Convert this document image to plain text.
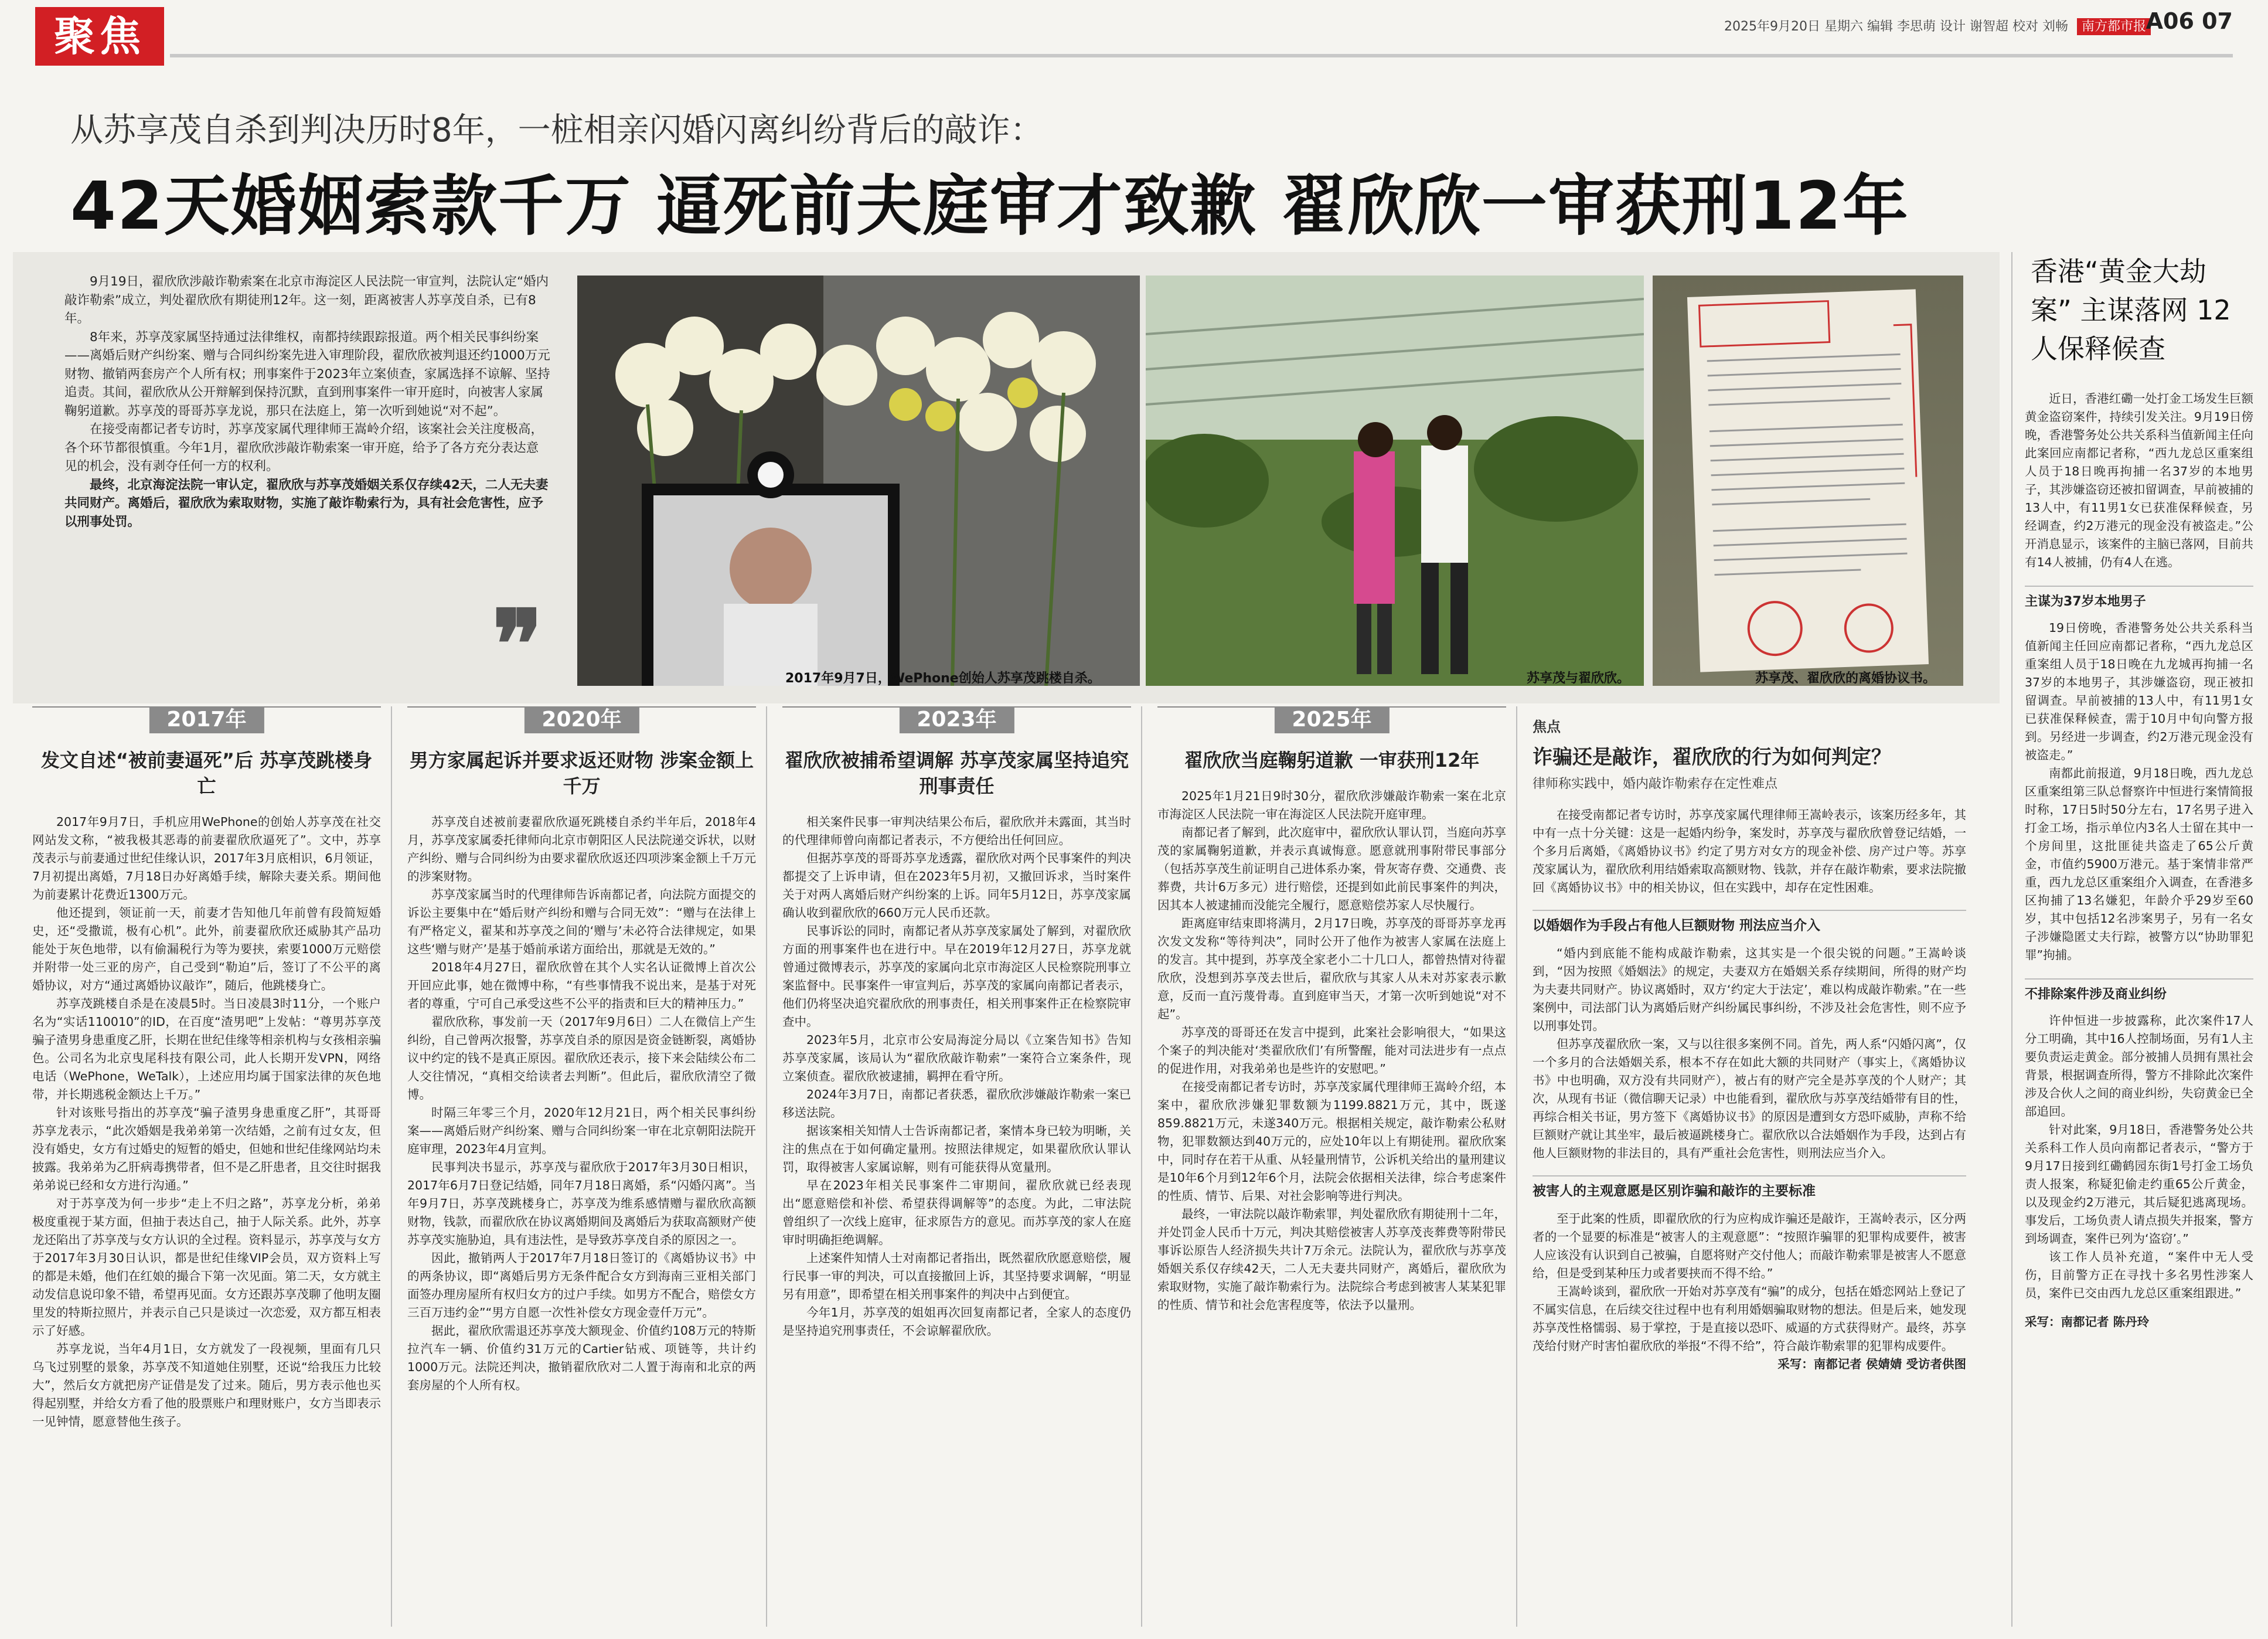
聚焦	2025年9月20日 星期六 编辑 李思萌 设计 谢智超 校对 刘畅 南方都市报 A06 07
从苏享茂自杀到判决历时8年，一桩相亲闪婚闪离纠纷背后的敲诈：
42天婚姻索款千万 逼死前夫庭审才致歉 翟欣欣一审获刑12年

9月19日，翟欣欣涉敲诈勒索案在北京市海淀区人民法院一审宣判，法院认定“婚内敲诈勒索”成立，判处翟欣欣有期徒刑12年。这一刻，距离被害人苏享茂自杀，已有8年。

8年来，苏享茂家属坚持通过法律维权，南都持续跟踪报道。两个相关民事纠纷案——离婚后财产纠纷案、赠与合同纠纷案先进入审理阶段，翟欣欣被判退还约1000万元财物、撤销两套房产个人所有权；刑事案件于2023年立案侦查，家属选择不谅解、坚持追责。其间，翟欣欣从公开辩解到保持沉默，直到刑事案件一审开庭时，向被害人家属鞠躬道歉。苏享茂的哥哥苏享龙说，那只在法庭上，第一次听到她说“对不起”。

在接受南都记者专访时，苏享茂家属代理律师王嵩岭介绍，该案社会关注度极高，各个环节都很慎重。今年1月，翟欣欣涉敲诈勒索案一审开庭，给予了各方充分表达意见的机会，没有剥夺任何一方的权利。

最终，北京海淀法院一审认定，翟欣欣与苏享茂婚姻关系仅存续42天，二人无夫妻共同财产。离婚后，翟欣欣为索取财物，实施了敲诈勒索行为，具有社会危害性，应予以刑事处罚。

❞	2017年9月7日，WePhone创始人苏享茂跳楼自杀。	苏享茂与翟欣欣。	苏享茂、翟欣欣的离婚协议书。
2017年
发文自述“被前妻逼死”后 苏享茂跳楼身亡

2017年9月7日，手机应用WePhone的创始人苏享茂在社交网站发文称，“被我极其恶毒的前妻翟欣欣逼死了”。文中，苏享茂表示与前妻通过世纪佳缘认识，2017年3月底相识，6月领证，7月初提出离婚，7月18日办好离婚手续，解除夫妻关系。期间他为前妻累计花费近1300万元。

他还提到，领证前一天，前妻才告知他几年前曾有段简短婚史，还“受撒谎，极有心机”。此外，前妻翟欣欣还威胁其产品功能处于灰色地带，以有偷漏税行为等为要挟，索要1000万元赔偿并附带一处三亚的房产，自己受到“勒迫”后，签订了不公平的离婚协议，对方“通过离婚协议敲诈”，随后，他跳楼身亡。

苏享茂跳楼自杀是在凌晨5时。当日凌晨3时11分，一个账户名为“实话110010”的ID，在百度“渣男吧”上发帖：“尊男苏享茂骗子渣男身患重度乙肝，长期在世纪佳缘等相亲机构与女孩相亲骗色。公司名为北京曳尾科技有限公司，此人长期开发VPN，网络电话（WePhone，WeTalk），上述应用均属于国家法律的灰色地带，并长期逃税金额达上千万。”

针对该账号指出的苏享茂“骗子渣男身患重度乙肝”，其哥哥苏享龙表示，“此次婚姻是我弟弟第一次结婚，之前有过女友，但没有婚史，女方有过婚史的短暂的婚史，但她和世纪佳缘网站均未披露。我弟弟为乙肝病毒携带者，但不是乙肝患者，且交往时据我弟弟说已经和女方进行沟通。”

对于苏享茂为何一步步“走上不归之路”，苏享龙分析，弟弟极度重视于某方面，但抽于表达自己，抽于人际关系。此外，苏享龙还陷出了苏享茂与女方认识的全过程。资料显示，苏享茂与女方于2017年3月30日认识，都是世纪佳缘VIP会员，双方资料上写的都是未婚，他们在红娘的撮合下第一次见面。第二天，女方就主动发信息说印象不错，希望再见面。女方还跟苏享茂聊了他明友圈里发的特斯拉照片，并表示自己只是谈过一次恋爱，双方都互相表示了好感。

苏享龙说，当年4月1日，女方就发了一段视频，里面有几只乌飞过别墅的景象，苏享茂不知道她住别墅，还说“给我压力比较大”，然后女方就把房产证借是发了过来。随后，男方表示他也买得起别墅，并给女方看了他的股票账户和理财账户，女方当即表示一见钟情，愿意替他生孩子。

2020年
男方家属起诉并要求返还财物 涉案金额上千万

苏享茂自述被前妻翟欣欣逼死跳楼自杀约半年后，2018年4月，苏享茂家属委托律师向北京市朝阳区人民法院递交诉状，以财产纠纷、赠与合同纠纷为由要求翟欣欣返还四项涉案金额上千万元的涉案财物。

苏享茂家属当时的代理律师告诉南都记者，向法院方面提交的诉讼主要集中在“婚后财产纠纷和赠与合同无效”：“赠与在法律上有严格定义，翟某和苏享茂之间的‘赠与’未必符合法律规定，如果这些‘赠与财产’是基于婚前承诺方面给出，那就是无效的。”

2018年4月27日，翟欣欣曾在其个人实名认证微博上首次公开回应此事，她在微博中称，“有些事情我不说出来，是基于对死者的尊重，宁可自己承受这些不公平的指责和巨大的精神压力。”

翟欣欣称，事发前一天（2017年9月6日）二人在微信上产生纠纷，自己曾两次报警，苏享茂自杀的原因是资金链断裂，离婚协议中约定的钱不是真正原因。翟欣欣还表示，接下来会陆续公布二人交往情况，“真相交给读者去判断”。但此后，翟欣欣清空了微博。

时隔三年零三个月，2020年12月21日，两个相关民事纠纷案——离婚后财产纠纷案、赠与合同纠纷案一审在北京朝阳法院开庭审理，2023年4月宣判。

民事判决书显示，苏享茂与翟欣欣于2017年3月30日相识，2017年6月7日登记结婚，同年7月18日离婚，系“闪婚闪离”。当年9月7日，苏享茂跳楼身亡，苏享茂为维系感情赠与翟欣欣高额财物，钱款，而翟欣欣在协议离婚期间及离婚后为获取高额财产使苏享茂实施胁迫，具有违法性，是导致苏享茂自杀的原因之一。

因此，撤销两人于2017年7月18日签订的《离婚协议书》中的两条协议，即“离婚后男方无条件配合女方到海南三亚相关部门面签办理房屋所有权归女方的过户手续。如男方不配合，赔偿女方三百万违约金”“男方自愿一次性补偿女方现金壹仟万元”。

据此，翟欣欣需退还苏享茂大额现金、价值约108万元的特斯拉汽车一辆、价值约31万元的Cartier钻戒、项链等，共计约1000万元。法院还判决，撤销翟欣欣对二人置于海南和北京的两套房屋的个人所有权。

2023年
翟欣欣被捕希望调解 苏享茂家属坚持追究刑事责任

相关案件民事一审判决结果公布后，翟欣欣并未露面，其当时的代理律师曾向南都记者表示，不方便给出任何回应。

但据苏享茂的哥哥苏享龙透露，翟欣欣对两个民事案件的判决都提交了上诉申请，但在2023年5月初，又撤回诉求，当时案件关于对两人离婚后财产纠纷案的上诉。同年5月12日，苏享茂家属确认收到翟欣欣的660万元人民币还款。

民事诉讼的同时，南都记者从苏享茂家属处了解到，对翟欣欣方面的刑事案件也在进行中。早在2019年12月27日，苏享龙就曾通过微博表示，苏享茂的家属向北京市海淀区人民检察院刑事立案监督中。民事案件一审宣判后，苏享茂的家属向南都记者表示，他们仍将坚决追究翟欣欣的刑事责任，相关刑事案件正在检察院审查中。

2023年5月，北京市公安局海淀分局以《立案告知书》告知苏享茂家属，该局认为“翟欣欣敲诈勒索”一案符合立案条件，现立案侦查。翟欣欣被逮捕，羁押在看守所。

2024年3月7日，南都记者获悉，翟欣欣涉嫌敲诈勒索一案已移送法院。

据该案相关知情人士告诉南都记者，案情本身已较为明晰，关注的焦点在于如何确定量刑。按照法律规定，如果翟欣欣认罪认罚，取得被害人家属谅解，则有可能获得从宽量刑。

早在2023年相关民事案件二审期间，翟欣欣就已经表现出“愿意赔偿和补偿、希望获得调解等”的态度。为此，二审法院曾组织了一次线上庭审，征求原告方的意见。而苏享茂的家人在庭审时明确拒绝调解。

上述案件知情人士对南都记者指出，既然翟欣欣愿意赔偿，履行民事一审的判决，可以直接撤回上诉，其坚持要求调解，“明显另有用意”，即希望在相关刑事案件的判决中占到便宜。

今年1月，苏享茂的姐姐再次回复南都记者，全家人的态度仍是坚持追究刑事责任，不会谅解翟欣欣。

2025年
翟欣欣当庭鞠躬道歉 一审获刑12年

2025年1月21日9时30分，翟欣欣涉嫌敲诈勒索一案在北京市海淀区人民法院一审在海淀区人民法院开庭审理。

南都记者了解到，此次庭审中，翟欣欣认罪认罚，当庭向苏享茂的家属鞠躬道歉，并表示真诚悔意。愿意就刑事附带民事部分（包括苏享茂生前证明自己进体系办案，骨灰寄存费、交通费、丧葬费，共计6万多元）进行赔偿，还提到如此前民事案件的判决，因其本人被逮捕而没能完全履行，愿意赔偿苏家人尽快履行。

距离庭审结束即将满月，2月17日晚，苏享茂的哥哥苏享龙再次发文发称“等待判决”，同时公开了他作为被害人家属在法庭上的发言。其中提到，苏享茂全家老小二十几口人，都曾热情对待翟欣欣，没想到苏享茂去世后，翟欣欣与其家人从未对苏家表示歉意，反而一直污蔑骨毒。直到庭审当天，才第一次听到她说“对不起”。

苏享茂的哥哥还在发言中提到，此案社会影响很大，“如果这个案子的判决能对‘类翟欣欣们’有所警醒，能对司法进步有一点点的促进作用，对我弟弟也是些许的安慰吧。”

在接受南都记者专访时，苏享茂家属代理律师王嵩岭介绍，本案中，翟欣欣涉嫌犯罪数额为1199.8821万元，其中，既遂859.8821万元，未遂340万元。根据相关规定，敲诈勒索公私财物，犯罪数额达到40万元的，应处10年以上有期徒刑。翟欣欣案中，同时存在若干从重、从轻量刑情节，公诉机关给出的量刑建议是10年6个月到12年6个月，法院会依据相关法律，综合考虑案件的性质、情节、后果、对社会影响等进行判决。

最终，一审法院以敲诈勒索罪，判处翟欣欣有期徒刑十二年，并处罚金人民币十万元，判决其赔偿被害人苏享茂丧葬费等附带民事诉讼原告人经济损失共计7万余元。法院认为，翟欣欣与苏享茂婚姻关系仅存续42天，二人无夫妻共同财产，离婚后，翟欣欣为索取财物，实施了敲诈勒索行为。法院综合考虑到被害人某某犯罪的性质、情节和社会危害程度等，依法予以量刑。

焦点
诈骗还是敲诈，翟欣欣的行为如何判定？
律师称实践中，婚内敲诈勒索存在定性难点

在接受南都记者专访时，苏享茂家属代理律师王嵩岭表示，该案历经多年，其中有一点十分关键：这是一起婚内纷争，案发时，苏享茂与翟欣欣曾登记结婚，一个多月后离婚，《离婚协议书》约定了男方对女方的现金补偿、房产过户等。苏享茂家属认为，翟欣欣利用结婚索取高额财物、钱款，并存在敲诈勒索，要求法院撤回《离婚协议书》中的相关协议，但在实践中，却存在定性困难。

以婚姻作为手段占有他人巨额财物 刑法应当介入

“婚内到底能不能构成敲诈勒索，这其实是一个很尖锐的问题。”王嵩岭谈到，“因为按照《婚姻法》的规定，夫妻双方在婚姻关系存续期间，所得的财产均为夫妻共同财产。协议离婚时，双方‘约定大于法定’，难以构成敲诈勒索。”在一些案例中，司法部门认为离婚后财产纠纷属民事纠纷，不涉及社会危害性，则不应予以刑事处罚。

但苏享茂翟欣欣一案，又与以往很多案例不同。首先，两人系“闪婚闪离”，仅一个多月的合法婚姻关系，根本不存在如此大额的共同财产（事实上，《离婚协议书》中也明确，双方没有共同财产），被占有的财产完全是苏享茂的个人财产；其次，从现有书证（微信聊天记录）中也能看到，翟欣欣与苏享茂结婚带有目的性，再综合相关书证，男方签下《离婚协议书》的原因是遭到女方恐吓威胁，声称不给巨额财产就让其坐牢，最后被逼跳楼身亡。翟欣欣以合法婚姻作为手段，达到占有他人巨额财物的非法目的，具有严重社会危害性，则刑法应当介入。

被害人的主观意愿是区别诈骗和敲诈的主要标准

至于此案的性质，即翟欣欣的行为应构成诈骗还是敲诈，王嵩岭表示，区分两者的一个显要的标准是“被害人的主观意愿”：“按照诈骗罪的犯罪构成要件，被害人应该没有认识到自己被骗，自愿将财产交付他人；而敲诈勒索罪是被害人不愿意给，但是受到某种压力或者要挟而不得不给。”

王嵩岭谈到，翟欣欣一开始对苏享茂有“骗”的成分，包括在婚恋网站上登记了不属实信息，在后续交往过程中也有利用婚姻骗取财物的想法。但是后来，她发现苏享茂性格懦弱、易于掌控，于是直接以恐吓、威逼的方式获得财产。最终，苏享茂给付财产时害怕翟欣欣的举报“不得不给”，符合敲诈勒索罪的犯罪构成要件。

采写：南都记者 侯婧婧 受访者供图

香港“黄金大劫案” 主谋落网 12人保释候查

近日，香港红磡一处打金工场发生巨额黄金盗窃案件，持续引发关注。9月19日傍晚，香港警务处公共关系科当值新闻主任向此案回应南都记者称，“西九龙总区重案组人员于18日晚再拘捕一名37岁的本地男子，其涉嫌盗窃还被扣留调查，早前被捕的13人中，有11男1女已获准保释候查，另经调查，约2万港元的现金没有被盗走。”公开消息显示，该案件的主脑已落网，目前共有14人被捕，仍有4人在逃。

主谋为37岁本地男子

19日傍晚，香港警务处公共关系科当值新闻主任回应南都记者称，“西九龙总区重案组人员于18日晚在九龙城再拘捕一名37岁的本地男子，其涉嫌盗窃，现正被扣留调查。早前被捕的13人中，有11男1女已获准保释候查，需于10月中旬向警方报到。另经进一步调查，约2万港元现金没有被盗走。”

南都此前报道，9月18日晚，西九龙总区重案组第三队总督察许中恒进行案情简报时称，17日5时50分左右，17名男子进入打金工场，指示单位内3名人士留在其中一个房间里，这批匪徒共盗走了65公斤黄金，市值约5900万港元。基于案情非常严重，西九龙总区重案组介入调查，在香港多区拘捕了13名嫌犯，年龄介乎29岁至60岁，其中包括12名涉案男子，另有一名女子涉嫌隐匿丈夫行踪，被警方以“协助罪犯罪”拘捕。

不排除案件涉及商业纠纷

许仲恒进一步披露称，此次案件17人分工明确，其中16人控制场面，另有1人主要负责运走黄金。部分被捕人员拥有黑社会背景，根据调查所得，警方不排除此次案件涉及合伙人之间的商业纠纷，失窃黄金已全部追回。

针对此案，9月18日，香港警务处公共关系科工作人员向南都记者表示，“警方于9月17日接到红磡鹤园东街1号打金工场负责人报案，称疑犯偷走约重65公斤黄金，以及现金约2万港元，其后疑犯逃离现场。事发后，工场负责人请点损失并报案，警方到场调查，案件已列为‘盗窃’。”

该工作人员补充道，“案件中无人受伤，目前警方正在寻找十多名男性涉案人员，案件已交由西九龙总区重案组跟进。”

采写：南都记者 陈丹玲
